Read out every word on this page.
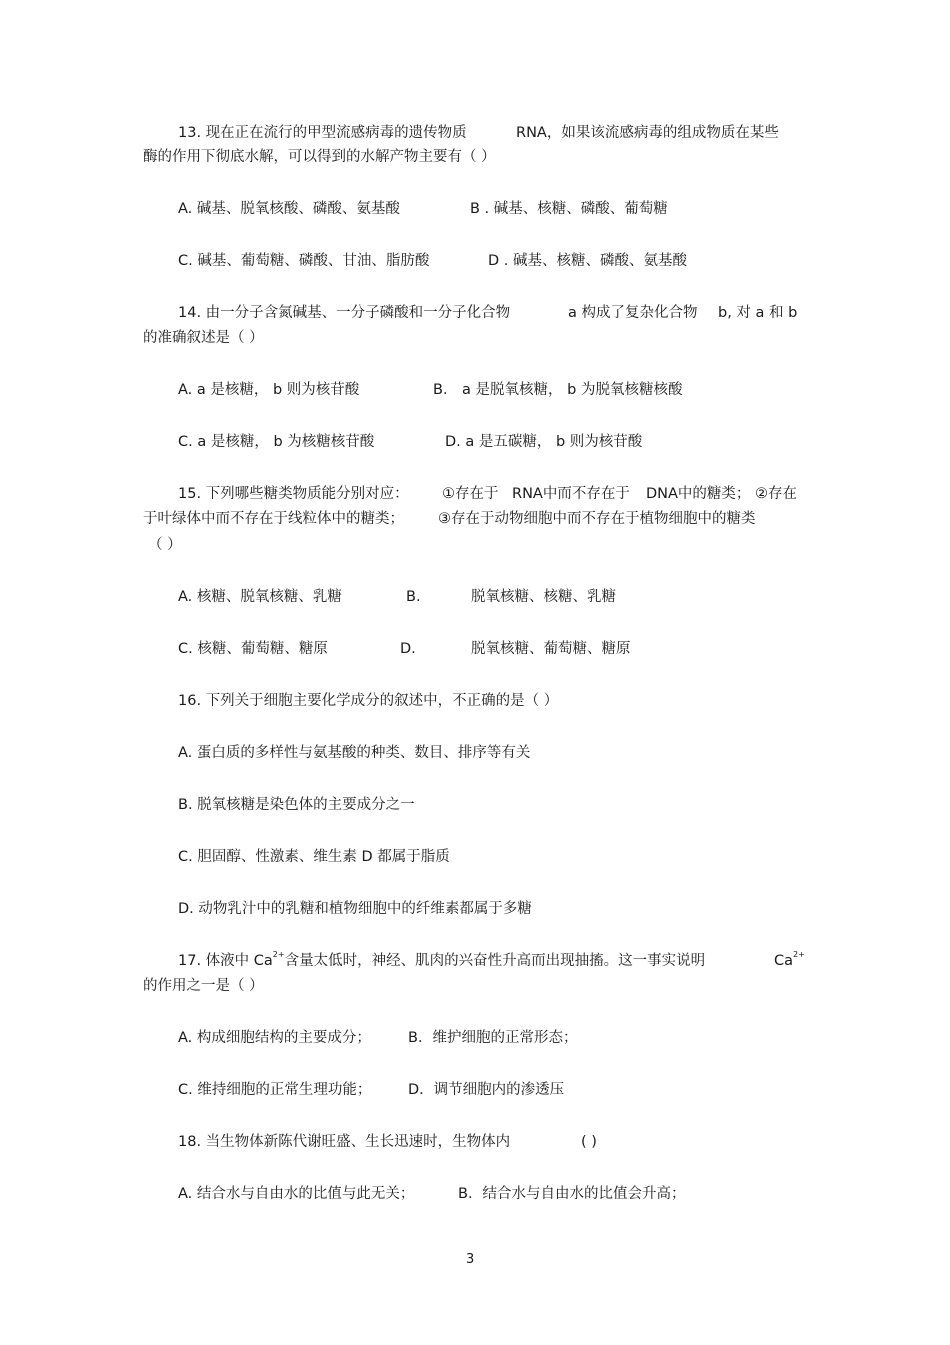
13. 现在正在流行的甲型流感病毒的遗传物质	RNA，如果该流感病毒的组成物质在某些
酶的作用下彻底水解，可以得到的水解产物主要有（ ）
A. 碱基、脱氧核酸、磷酸、氨基酸	B . 碱基、核糖、磷酸、葡萄糖
C. 碱基、葡萄糖、磷酸、甘油、脂肪酸	D . 碱基、核糖、磷酸、氨基酸
14. 由一分子含氮碱基、一分子磷酸和一分子化合物	a 构成了复杂化合物 b, 对 a 和 b
的准确叙述是（ ）
A. a 是核糖， b 则为核苷酸	B． a 是脱氧核糖， b 为脱氧核糖核酸
C. a 是核糖， b 为核糖核苷酸	D. a 是五碳糖， b 则为核苷酸
15. 下列哪些糖类物质能分别对应： ①存在于 RNA中而不存在于 DNA中的糖类； ②存在
于叶绿体中而不存在于线粒体中的糖类； ③存在于动物细胞中而不存在于植物细胞中的糖类
（ ）
A. 核糖、脱氧核糖、乳糖	B.	脱氧核糖、核糖、乳糖
C. 核糖、葡萄糖、糖原	D.	脱氧核糖、葡萄糖、糖原
16. 下列关于细胞主要化学成分的叙述中，不正确的是（ ）
A. 蛋白质的多样性与氨基酸的种类、数目、排序等有关
B. 脱氧核糖是染色体的主要成分之一
C. 胆固醇、性激素、维生素 D 都属于脂质
D. 动物乳汁中的乳糖和植物细胞中的纤维素都属于多糖
17. 体液中 $Ca^{2+}$含量太低时，神经、肌肉的兴奋性升高而出现抽搐。这一事实说明	$Ca^{2+}$
的作用之一是（ ）
A. 构成细胞结构的主要成分；	B．维护细胞的正常形态；
C. 维持细胞的正常生理功能；	D．调节细胞内的渗透压
18. 当生物体新陈代谢旺盛、生长迅速时，生物体内	( )
A. 结合水与自由水的比值与此无关；	B．结合水与自由水的比值会升高；
3
